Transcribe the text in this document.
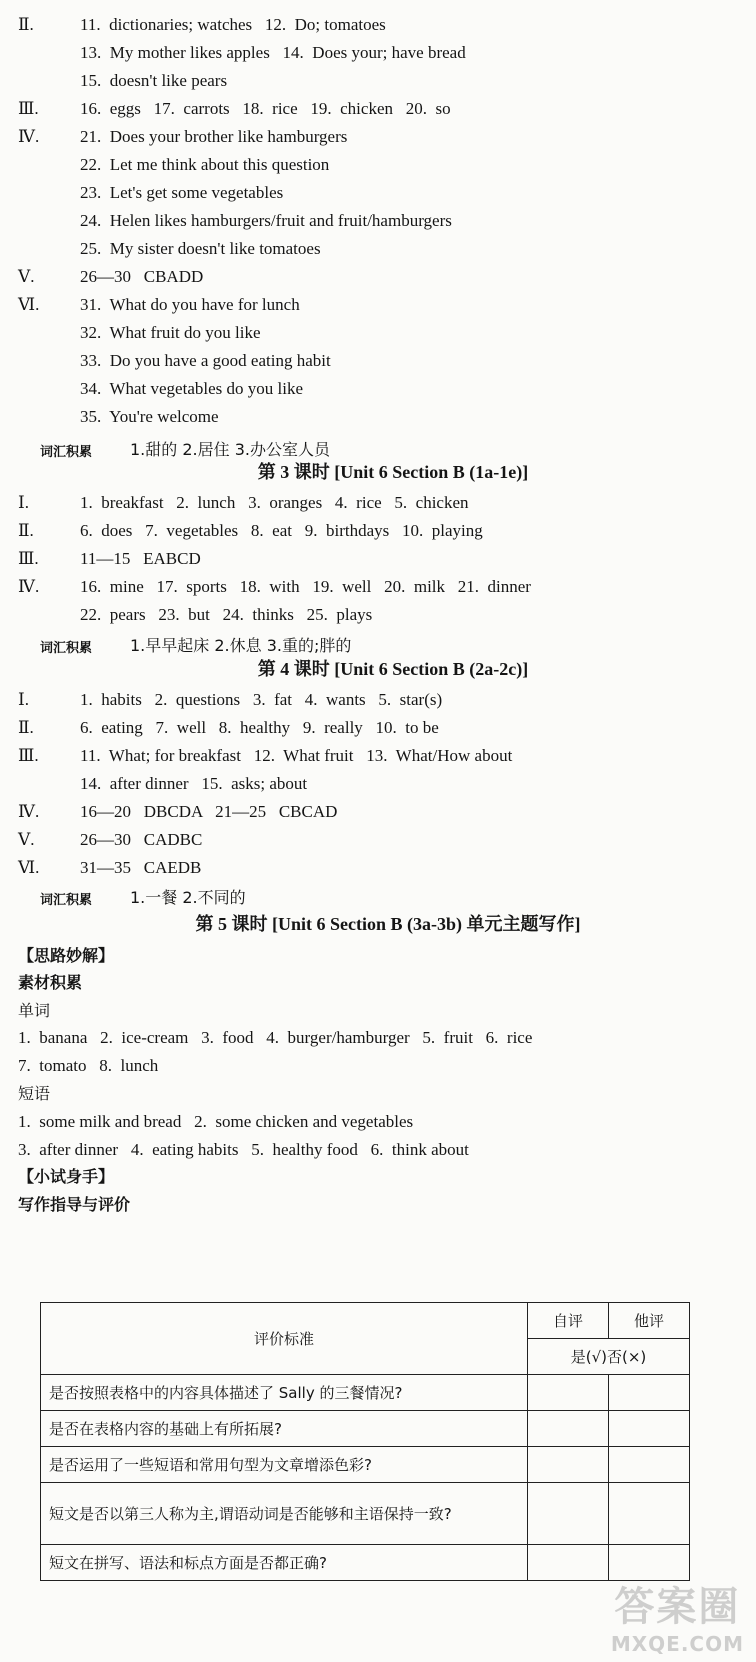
Ⅱ.	11.  dictionaries; watches   12.  Do; tomatoes
13.  My mother likes apples   14.  Does your; have bread
15.  doesn't like pears
Ⅲ. 16.  eggs   17.  carrots   18.  rice   19.  chicken   20.  so
Ⅳ. 21.  Does your brother like hamburgers
22.  Let me think about this question
23.  Let's get some vegetables
24.  Helen likes hamburgers/fruit and fruit/hamburgers
25.  My sister doesn't like tomatoes
Ⅴ.	26—30   CBADD
Ⅵ. 31.  What do you have for lunch
32.  What fruit do you like
33.  Do you have a good eating habit
34.  What vegetables do you like
35.  You're welcome
词汇积累 1.甜的 2.居住 3.办公室人员
第 3 课时 [Unit 6 Section B (1a-1e)]
Ⅰ.	1.  breakfast   2.  lunch   3.  oranges   4.  rice   5.  chicken
Ⅱ.	6.  does   7.  vegetables   8.  eat   9.  birthdays   10.  playing
Ⅲ. 11—15   EABCD
Ⅳ. 16.  mine   17.  sports   18.  with   19.  well   20.  milk   21.  dinner
22.  pears   23.  but   24.  thinks   25.  plays
词汇积累 1.早早起床 2.休息 3.重的;胖的
第 4 课时 [Unit 6 Section B (2a-2c)]
Ⅰ.	1.  habits   2.  questions   3.  fat   4.  wants   5.  star(s)
Ⅱ.	6.  eating   7.  well   8.  healthy   9.  really   10.  to be
Ⅲ. 11.  What; for breakfast   12.  What fruit   13.  What/How about
14.  after dinner   15.  asks; about
Ⅳ. 16—20   DBCDA   21—25   CBCAD
Ⅴ.	26—30   CADBC
Ⅵ. 31—35   CAEDB
词汇积累 1.一餐 2.不同的
第 5 课时 [Unit 6 Section B (3a-3b) 单元主题写作]
【思路妙解】
素材积累
单词
1.  banana   2.  ice-cream   3.  food   4.  burger/hamburger   5.  fruit   6.  rice
7.  tomato   8.  lunch
短语
1.  some milk and bread   2.  some chicken and vegetables
3.  after dinner   4.  eating habits   5.  healthy food   6.  think about
【小试身手】
写作指导与评价
评价标准	自评	他评
	是(√)否(×)	
是否按照表格中的内容具体描述了 Sally 的三餐情况?		
是否在表格内容的基础上有所拓展?		
是否运用了一些短语和常用句型为文章增添色彩?		
短文是否以第三人称为主,谓语动词是否能够和主语保持一致?		
短文在拼写、语法和标点方面是否都正确?		
答案圈
MXQE.COM
